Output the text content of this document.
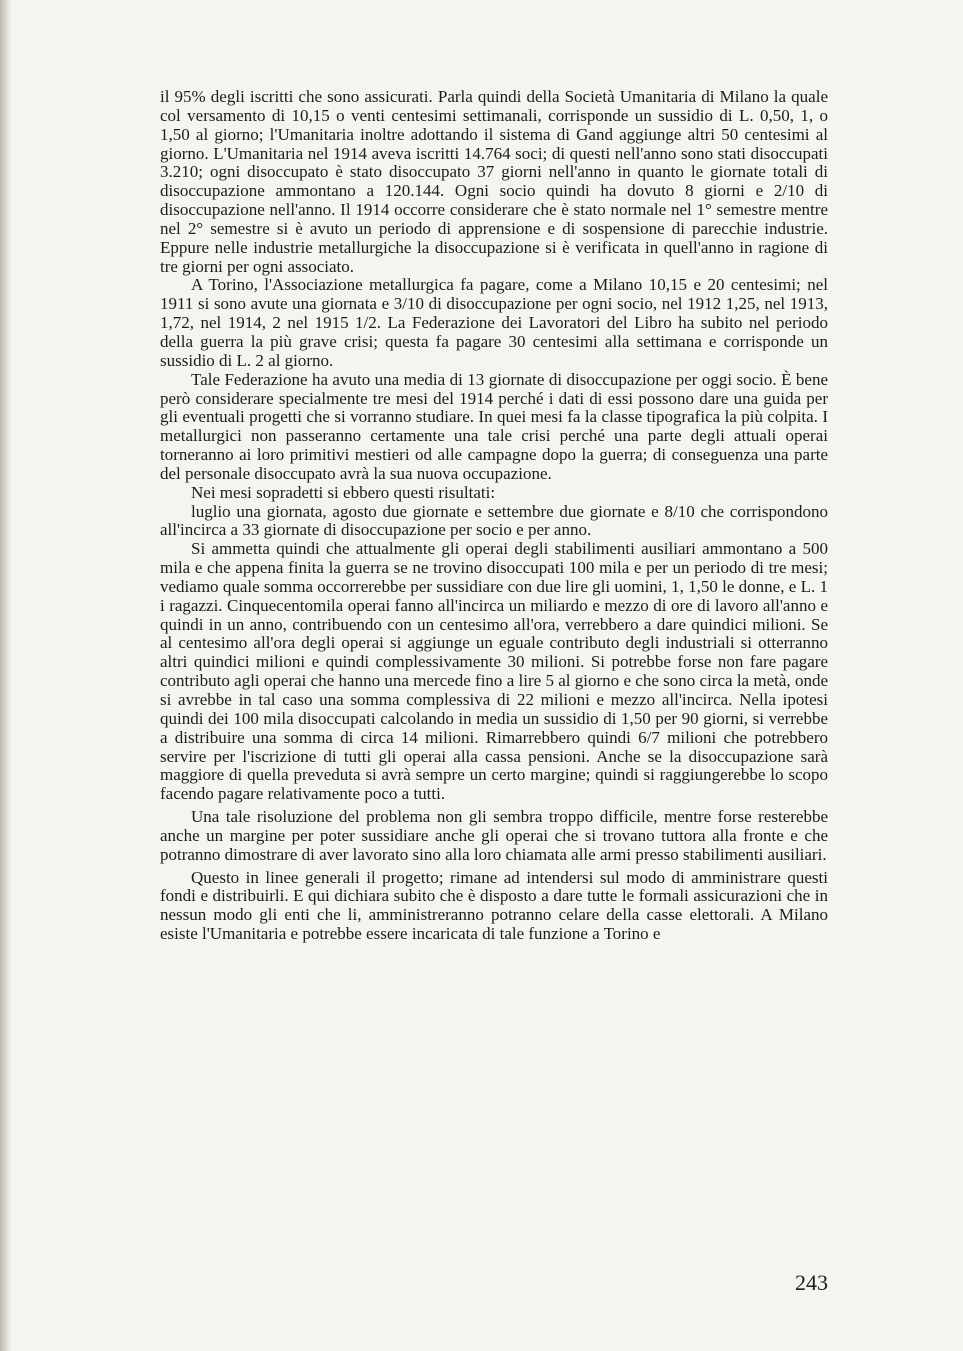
il 95% degli iscritti che sono assicurati. Parla quindi della Società Umanitaria di Milano la quale col versamento di 10,15 o venti centesimi settimanali, corrisponde un sussidio di L. 0,50, 1, o 1,50 al giorno; l'Umanitaria inoltre adottando il sistema di Gand aggiunge altri 50 centesimi al giorno. L'Umanitaria nel 1914 aveva iscritti 14.764 soci; di questi nell'anno sono stati disoccupati 3.210; ogni disoccupato è stato disoccupato 37 giorni nell'anno in quanto le giornate totali di disoccupazione ammontano a 120.144. Ogni socio quindi ha dovuto 8 giorni e 2/10 di disoccupazione nell'anno. Il 1914 occorre considerare che è stato normale nel 1° semestre mentre nel 2° semestre si è avuto un periodo di apprensione e di sospensione di parecchie industrie. Eppure nelle industrie metallurgiche la disoccupazione si è verificata in quell'anno in ragione di tre giorni per ogni associato.

A Torino, l'Associazione metallurgica fa pagare, come a Milano 10,15 e 20 centesimi; nel 1911 si sono avute una giornata e 3/10 di disoccupazione per ogni socio, nel 1912 1,25, nel 1913, 1,72, nel 1914, 2 nel 1915 1/2. La Federazione dei Lavoratori del Libro ha subito nel periodo della guerra la più grave crisi; questa fa pagare 30 centesimi alla settimana e corrisponde un sussidio di L. 2 al giorno.

Tale Federazione ha avuto una media di 13 giornate di disoccupazione per oggi socio. È bene però considerare specialmente tre mesi del 1914 perché i dati di essi possono dare una guida per gli eventuali progetti che si vorranno studiare. In quei mesi fa la classe tipografica la più colpita. I metallurgici non passeranno certamente una tale crisi perché una parte degli attuali operai torneranno ai loro primitivi mestieri od alle campagne dopo la guerra; di conseguenza una parte del personale disoccupato avrà la sua nuova occupazione.

Nei mesi sopradetti si ebbero questi risultati:

luglio una giornata, agosto due giornate e settembre due giornate e 8/10 che corrispondono all'incirca a 33 giornate di disoccupazione per socio e per anno.

Si ammetta quindi che attualmente gli operai degli stabilimenti ausiliari ammontano a 500 mila e che appena finita la guerra se ne trovino disoccupati 100 mila e per un periodo di tre mesi; vediamo quale somma occorrerebbe per sussidiare con due lire gli uomini, 1, 1,50 le donne, e L. 1 i ragazzi. Cinquecentomila operai fanno all'incirca un miliardo e mezzo di ore di lavoro all'anno e quindi in un anno, contribuendo con un centesimo all'ora, verrebbero a dare quindici milioni. Se al centesimo all'ora degli operai si aggiunge un eguale contributo degli industriali si otterranno altri quindici milioni e quindi complessivamente 30 milioni. Si potrebbe forse non fare pagare contributo agli operai che hanno una mercede fino a lire 5 al giorno e che sono circa la metà, onde si avrebbe in tal caso una somma complessiva di 22 milioni e mezzo all'incirca. Nella ipotesi quindi dei 100 mila disoccupati calcolando in media un sussidio di 1,50 per 90 giorni, si verrebbe a distribuire una somma di circa 14 milioni. Rimarrebbero quindi 6/7 milioni che potrebbero servire per l'iscrizione di tutti gli operai alla cassa pensioni. Anche se la disoccupazione sarà maggiore di quella preveduta si avrà sempre un certo margine; quindi si raggiungerebbe lo scopo facendo pagare relativamente poco a tutti.

Una tale risoluzione del problema non gli sembra troppo difficile, mentre forse resterebbe anche un margine per poter sussidiare anche gli operai che si trovano tuttora alla fronte e che potranno dimostrare di aver lavorato sino alla loro chiamata alle armi presso stabilimenti ausiliari.

Questo in linee generali il progetto; rimane ad intendersi sul modo di amministrare questi fondi e distribuirli. E qui dichiara subito che è disposto a dare tutte le formali assicurazioni che in nessun modo gli enti che li, amministreranno potranno celare della casse elettorali. A Milano esiste l'Umanitaria e potrebbe essere incaricata di tale funzione a Torino e

243
